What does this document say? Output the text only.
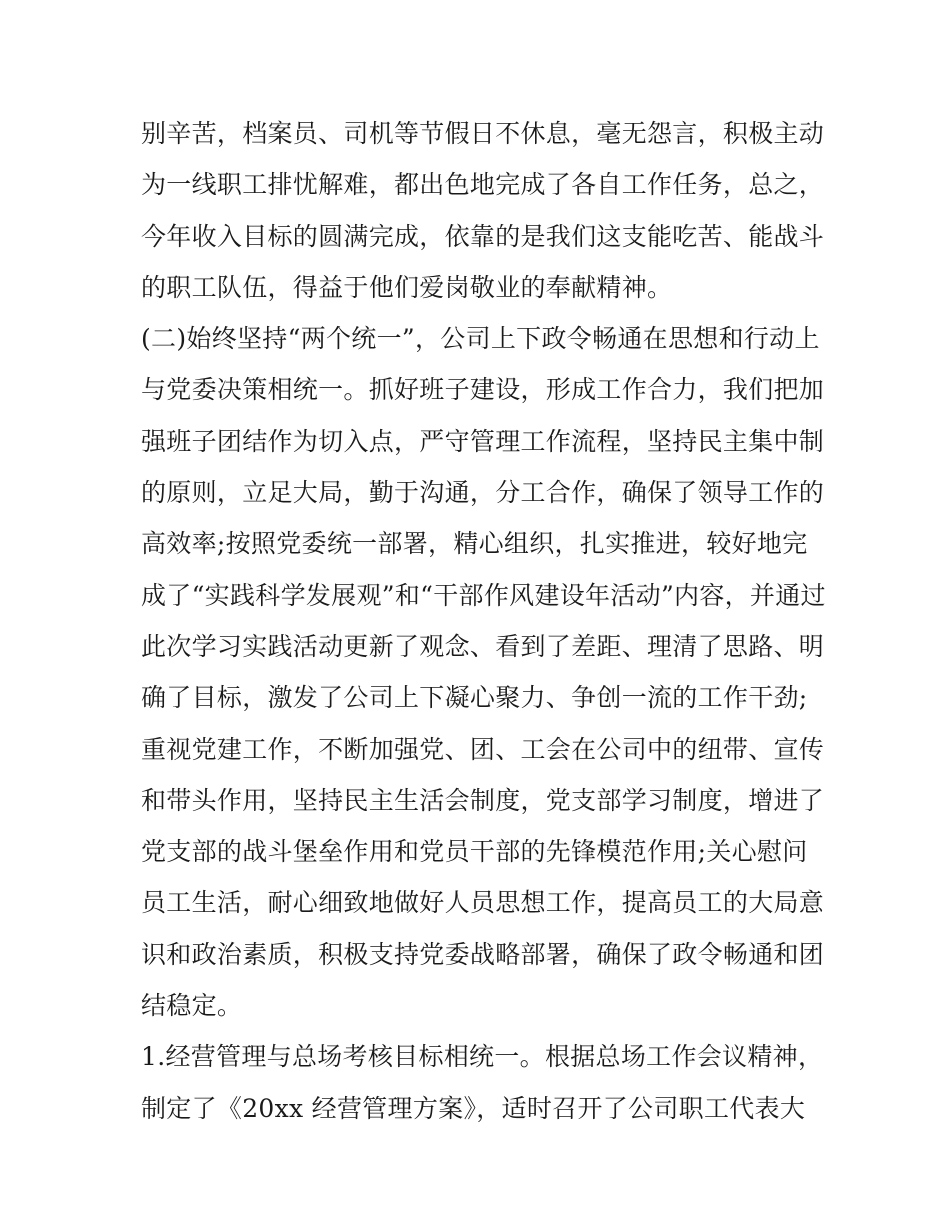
别辛苦，档案员、司机等节假日不休息，毫无怨言，积极主动
为一线职工排忧解难，都出色地完成了各自工作任务，总之，
今年收入目标的圆满完成，依靠的是我们这支能吃苦、能战斗
的职工队伍，得益于他们爱岗敬业的奉献精神。
(二)始终坚持“两个统一”，公司上下政令畅通在思想和行动上
与党委决策相统一。抓好班子建设，形成工作合力，我们把加
强班子团结作为切入点，严守管理工作流程，坚持民主集中制
的原则，立足大局，勤于沟通，分工合作，确保了领导工作的
高效率;按照党委统一部署，精心组织，扎实推进，较好地完
成了“实践科学发展观”和“干部作风建设年活动”内容，并通过
此次学习实践活动更新了观念、看到了差距、理清了思路、明
确了目标，激发了公司上下凝心聚力、争创一流的工作干劲;
重视党建工作，不断加强党、团、工会在公司中的纽带、宣传
和带头作用，坚持民主生活会制度，党支部学习制度，增进了
党支部的战斗堡垒作用和党员干部的先锋模范作用;关心慰问
员工生活，耐心细致地做好人员思想工作，提高员工的大局意
识和政治素质，积极支持党委战略部署，确保了政令畅通和团
结稳定。
1.经营管理与总场考核目标相统一。根据总场工作会议精神，
制定了《20xx 经营管理方案》，适时召开了公司职工代表大
